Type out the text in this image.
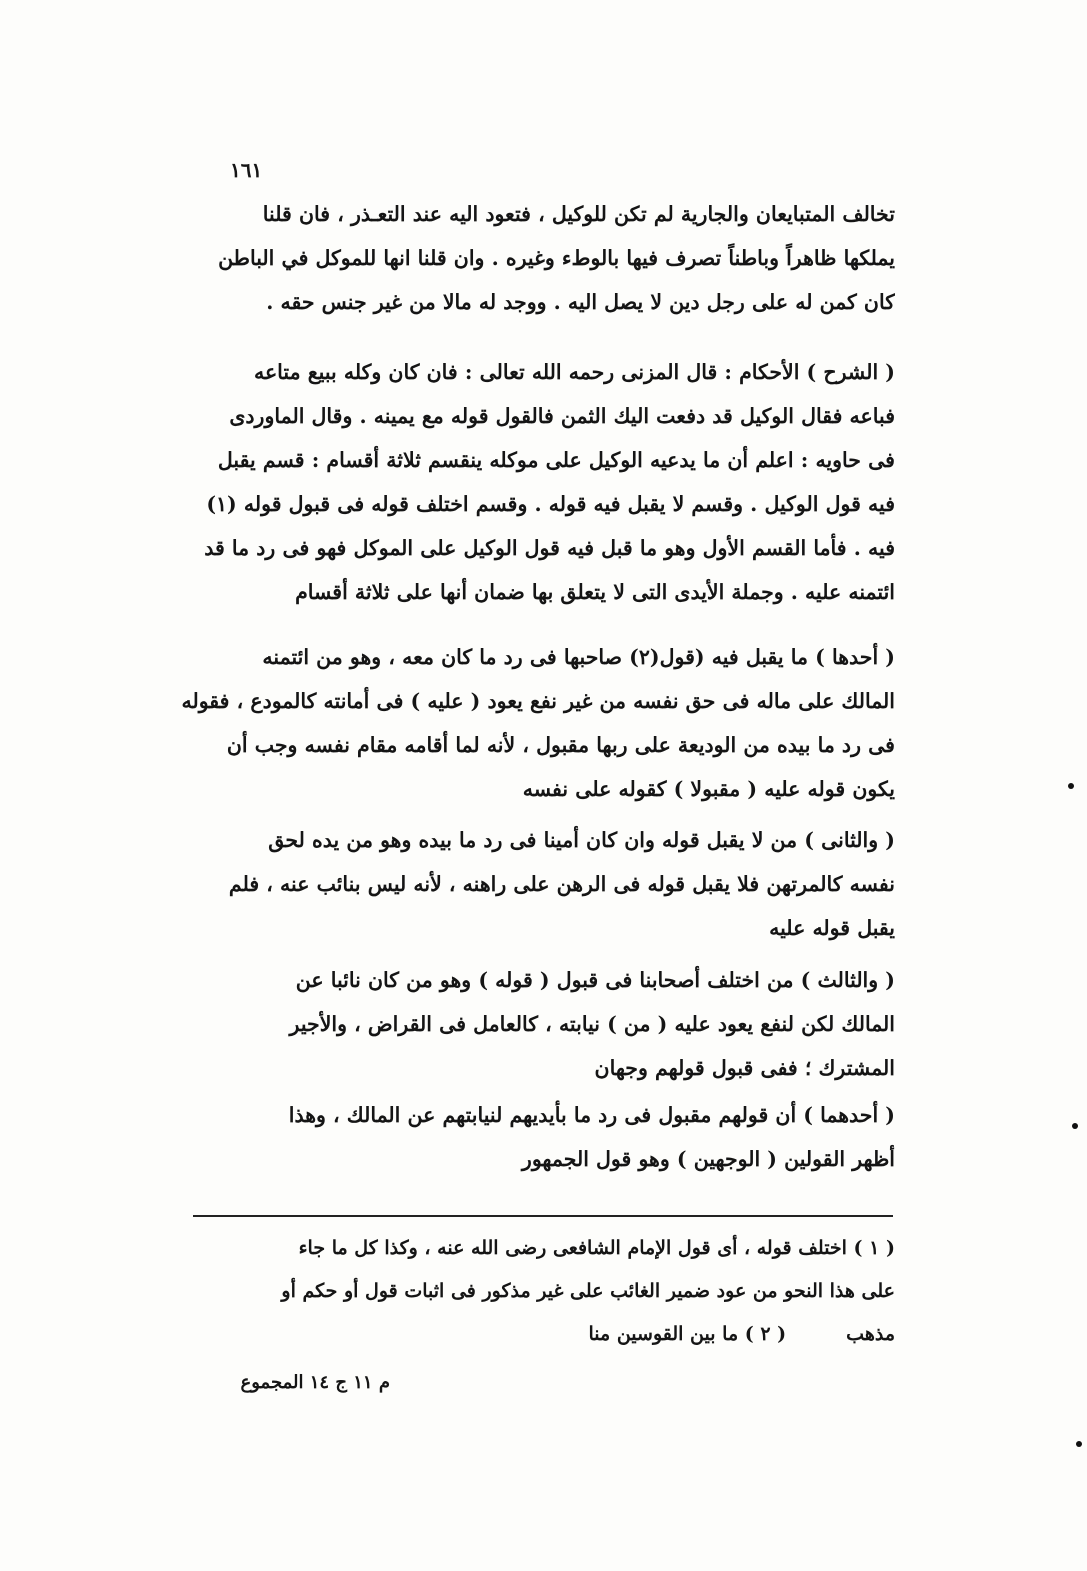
١٦١
تخالف المتبايعان والجارية لم تكن للوكيل ، فتعود اليه عند التعـذر ، فان قلنا
يملكها ظاهراً وباطناً تصرف فيها بالوطء وغيره . وان قلنا انها للموكل في الباطن
كان كمن له على رجل دين لا يصل اليه . ووجد له مالا من غير جنس حقه .
( الشرح ) الأحكام : قال المزنى رحمه الله تعالى : فان كان وكله ببيع متاعه
فباعه فقال الوكيل قد دفعت اليك الثمن فالقول قوله مع يمينه . وقال الماوردى
فى حاويه : اعلم أن ما يدعيه الوكيل على موكله ينقسم ثلاثة أقسام : قسم يقبل
فيه قول الوكيل . وقسم لا يقبل فيه قوله . وقسم اختلف قوله فى قبول قوله (١)
فيه . فأما القسم الأول وهو ما قبل فيه قول الوكيل على الموكل فهو فى رد ما قد
ائتمنه عليه . وجملة الأيدى التى لا يتعلق بها ضمان أنها على ثلاثة أقسام
( أحدها ) ما يقبل فيه (قول(٢) صاحبها فى رد ما كان معه ، وهو من ائتمنه
المالك على ماله فى حق نفسه من غير نفع يعود ( عليه ) فى أمانته كالمودع ، فقوله
فى رد ما بيده من الوديعة على ربها مقبول ، لأنه لما أقامه مقام نفسه وجب أن
يكون قوله عليه ( مقبولا ) كقوله على نفسه
( والثانى ) من لا يقبل قوله وان كان أمينا فى رد ما بيده وهو من يده لحق
نفسه كالمرتهن فلا يقبل قوله فى الرهن على راهنه ، لأنه ليس بنائب عنه ، فلم
يقبل قوله عليه
( والثالث ) من اختلف أصحابنا فى قبول ( قوله ) وهو من كان نائبا عن
المالك لكن لنفع يعود عليه ( من ) نيابته ، كالعامل فى القراض ، والأجير
المشترك ؛ ففى قبول قولهم وجهان
( أحدهما ) أن قولهم مقبول فى رد ما بأيديهم لنيابتهم عن المالك ، وهذا
أظهر القولين ( الوجهين ) وهو قول الجمهور
( ١ ) اختلف قوله ، أى قول الإمام الشافعى رضى الله عنه ، وكذا كل ما جاء
على هذا النحو من عود ضمير الغائب على غير مذكور فى اثبات قول أو حكم أو
مذهب
( ٢ ) ما بين القوسين منا
م ١١ ج ١٤ المجموع
